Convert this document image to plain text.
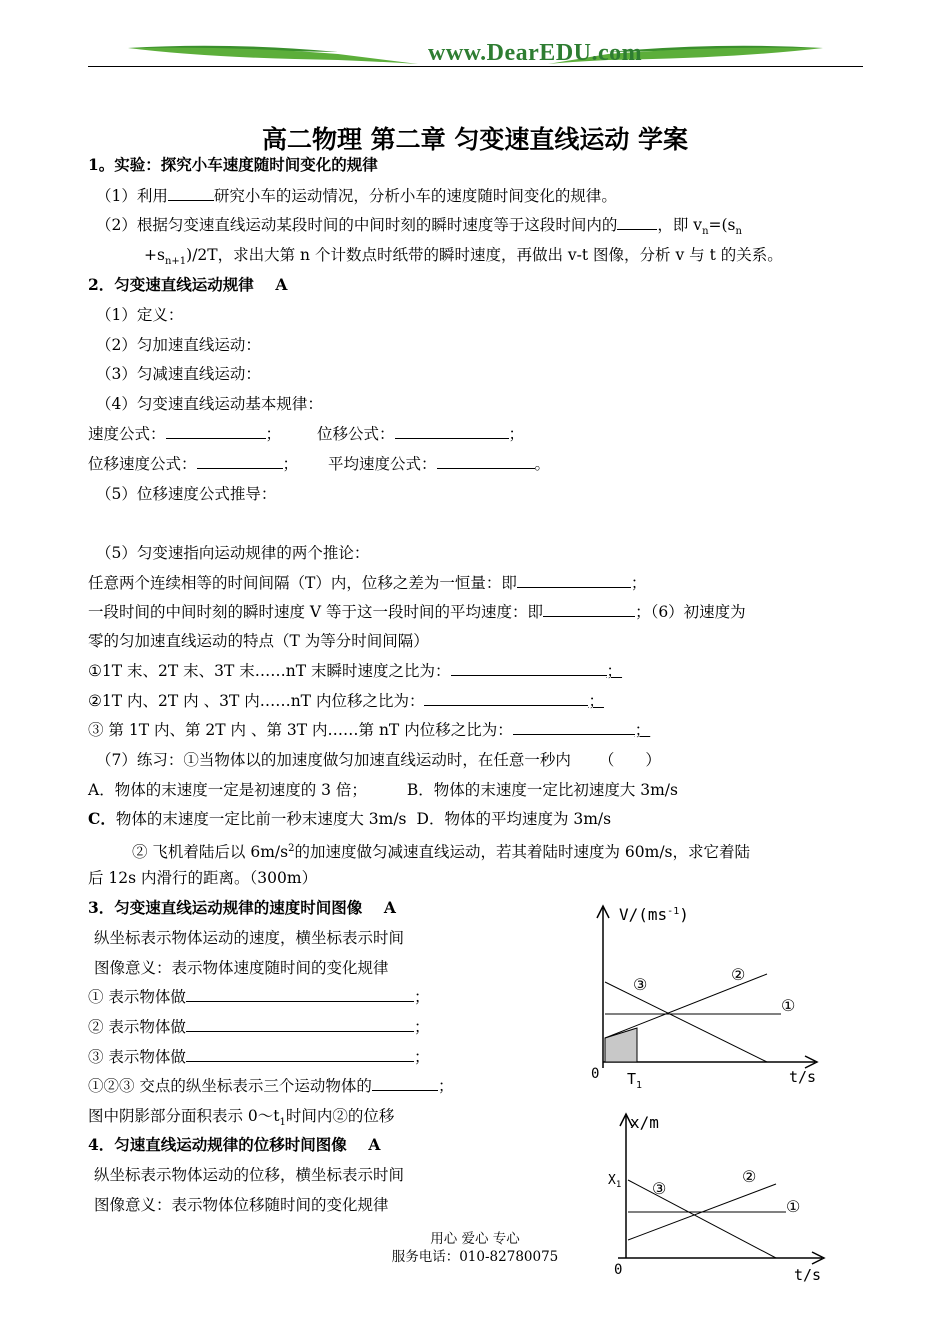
www.DearEDU.com
高二物理 第二章 匀变速直线运动 学案
1。实验：探究小车速度随时间变化的规律
（1）利用	研究小车的运动情况，分析小车的速度随时间变化的规律。
（2）根据匀变速直线运动某段时间的中间时刻的瞬时速度等于这段时间内的	，即 $v_n=(s_n$
$+s_{n+1})/2T$，求出大第 n 个计数点时纸带的瞬时速度，再做出 v-t 图像，分析 v 与 t 的关系。
2．匀变速直线运动规律 A
（1）定义：
（2）匀加速直线运动：
（3）匀减速直线运动：
（4）匀变速直线运动基本规律：
速度公式：	； 位移公式：	；
位移速度公式：	； 平均速度公式：	。
（5）位移速度公式推导：
（5）匀变速指向运动规律的两个推论：
任意两个连续相等的时间间隔（T）内，位移之差为一恒量：即	；
一段时间的中间时刻的瞬时速度 V 等于这一段时间的平均速度：即	；（6）初速度为
零的匀加速直线运动的特点（T 为等分时间间隔）
①1T 末、2T 末、3T 末……nT 末瞬时速度之比为：	；
②1T 内、2T 内 、3T 内……nT 内位移之比为：	；
③ 第 1T 内、第 2T 内 、第 3T 内……第 nT 内位移之比为：	；
（7）练习：①当物体以的加速度做匀加速直线运动时，在任意一秒内 （　　）
A．物体的末速度一定是初速度的 3 倍；	B．物体的末速度一定比初速度大 3m/s
C．物体的末速度一定比前一秒末速度大 3m/s D．物体的平均速度为 3m/s
② 飞机着陆后以 $6m/s^2$的加速度做匀减速直线运动，若其着陆时速度为 60m/s，求它着陆
后 12s 内滑行的距离。（300m）
3．匀变速直线运动规律的速度时间图像 A
纵坐标表示物体运动的速度，横坐标表示时间
图像意义：表示物体速度随时间的变化规律
① 表示物体做	；
② 表示物体做	；
③ 表示物体做	；
①②③ 交点的纵坐标表示三个运动物体的	；
图中阴影部分面积表示 $0\sim t_1$时间内②的位移
4．匀速直线运动规律的位移时间图像 A
纵坐标表示物体运动的位移，横坐标表示时间
图像意义：表示物体位移随时间的变化规律
$V/(ms^{-1})$
0 $T_1$	t/s
①
②
③
x/m
$X_1$
0	t/s
①
②
③
用心 爱心 专心
服务电话：010-82780075
